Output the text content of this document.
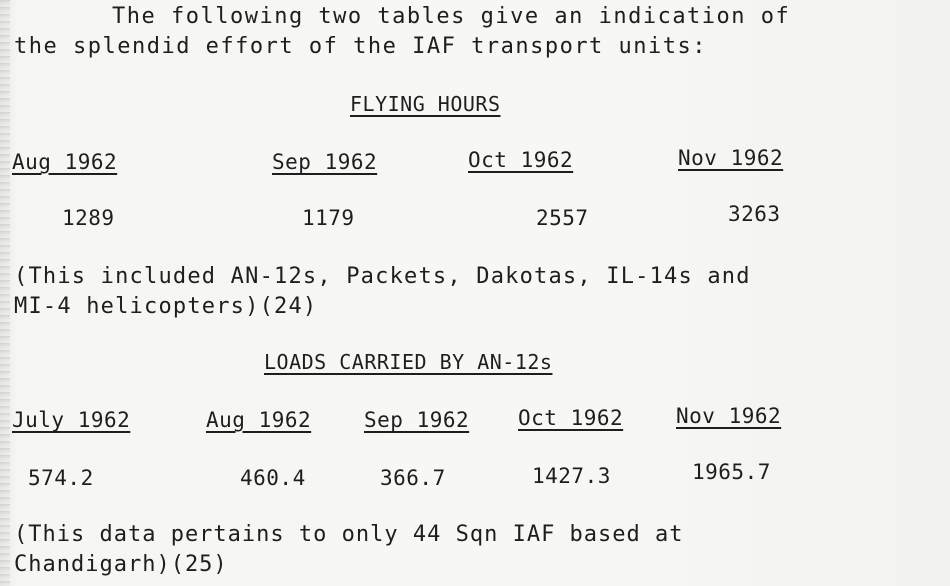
The following two tables give an indication of
the splendid effort of the IAF transport units:
FLYING HOURS
Aug 1962	Sep 1962	Oct 1962	Nov 1962
1289	1179	2557	3263
(This included AN-12s, Packets, Dakotas, IL-14s and
MI-4 helicopters)(24)
LOADS CARRIED BY AN-12s
July 1962	Aug 1962	Sep 1962 Oct 1962	Nov 1962
574.2	460.4	366.7	1427.3	1965.7
(This data pertains to only 44 Sqn IAF based at
Chandigarh)(25)
